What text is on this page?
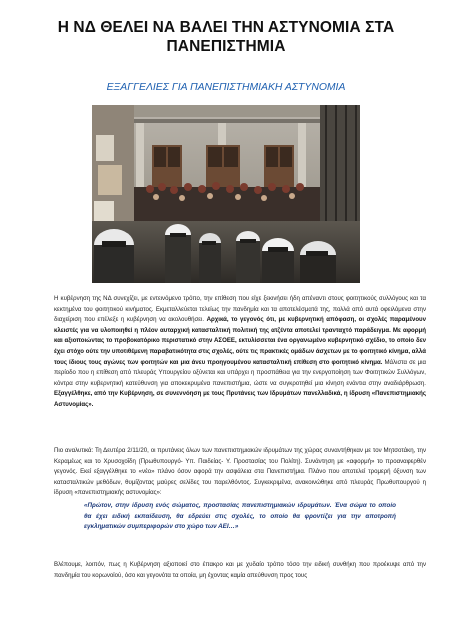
Η ΝΔ ΘΕΛΕΙ ΝΑ ΒΑΛΕΙ ΤΗΝ ΑΣΤΥΝΟΜΙΑ ΣΤΑ
ΠΑΝΕΠΙΣΤΗΜΙΑ
ΕΞΑΓΓΕΛΙΕΣ ΓΙΑ ΠΑΝΕΠΙΣΤΗΜΙΑΚΗ ΑΣΤΥΝΟΜΙΑ
Η κυβέρνηση της ΝΔ συνεχίζει, με εντεινόμενο τρόπο, την επίθεση που είχε ξεκινήσει ήδη απέναντι στους φοιτητικούς συλλόγους και τα κεκτημένα του φοιτητικού κινήματος. Εκμεταλλεύεται τελείως την πανδημία και τα αποτελέσματά της, πολλά από αυτά οφειλόμενα στην διαχείριση που επέλεξε η κυβέρνηση να ακολουθήσει. Αρχικά, το γεγονός ότι, με κυβερνητική απόφαση, οι σχολές παραμένουν κλειστές για να υλοποιηθεί η πλέον αυταρχική κατασταλτική πολιτική της ατζέντα αποτελεί τρανταχτό παράδειγμα. Με αφορμή και αξιοποιώντας το προβοκατόρικο περιστατικό στην ΑΣΟΕΕ, εκτυλίσσεται ένα οργανωμένο κυβερνητικό σχέδιο, το οποίο δεν έχει στόχο ούτε την υποτιθέμενη παραβατικότητα στις σχολές, ούτε τις πρακτικές ομάδων άσχετων με το φοιτητικό κίνημα, αλλά τους ίδιους τους αγώνες των φοιτητών και μια άνευ προηγουμένου κατασταλτική επίθεση στο φοιτητικό κίνημα. Μάλιστα σε μια περίοδο που η επίθεση από πλευράς Υπουργείου οξύνεται και υπάρχει η προσπάθεια για την ενεργοποίηση των Φοιτητικών Συλλόγων, κόντρα στην κυβερνητική κατεύθυνση για αποκεκρυμένα πανεπιστήμια, ώστε να συγκροτηθεί μια κίνηση ενάντια στην αναδιάρθρωση. Εξαγγέλθηκε, από την Κυβέρνηση, σε συνεννόηση με τους Πρυτάνεις των Ιδρυμάτων πανελλαδικά, η ίδρυση «Πανεπιστημιακής Αστυνομίας».
Πιο αναλυτικά: Τη Δευτέρα 2/11/20, οι πρυτάνεις όλων των πανεπιστημιακών ιδρυμάτων της χώρας συναντήθηκαν με τον Μητσοτάκη, την Κεραμέως και το Χρυσοχοΐδη (Πρωθυπουργό- Υπ. Παιδείας- Υ. Προστασίας του Πολίτη). Συνάντηση με «αφορμή» το προαναφερθέν γεγονός. Εκεί εξαγγέλθηκε το «νέο» πλάνο όσον αφορά την ασφάλεια στα Πανεπιστήμια. Πλάνο που αποτελεί τρομερή όξυνση των κατασταλτικών μεθόδων, θυμίζοντας μαύρες σελίδες του παρελθόντος. Συγκεκριμένα, ανακοινώθηκε από πλευράς Πρωθυπουργού η ίδρυση «πανεπιστημιακής αστυνομίας»:
«Πρώτον, στην ίδρυση ενός σώματος, προστασίας πανεπιστημιακών ιδρυμάτων. Ένα σώμα το οποίο θα έχει ειδική εκπαίδευση, θα εδρεύει στις σχολές, το οποίο θα φροντίζει για την αποτροπή εγκληματικών συμπεριφορών στο χώρο των ΑΕΙ…»
Βλέπουμε, λοιπόν, πως η Κυβέρνηση αξιοποιεί στο έπακρο και με χυδαίο τρόπο τόσο την ειδική συνθήκη που προέκυψε από την πανδημία του κορωνοϊού, όσο και γεγονότα τα οποία, μη έχοντας καμία απεύθυνση προς τους
